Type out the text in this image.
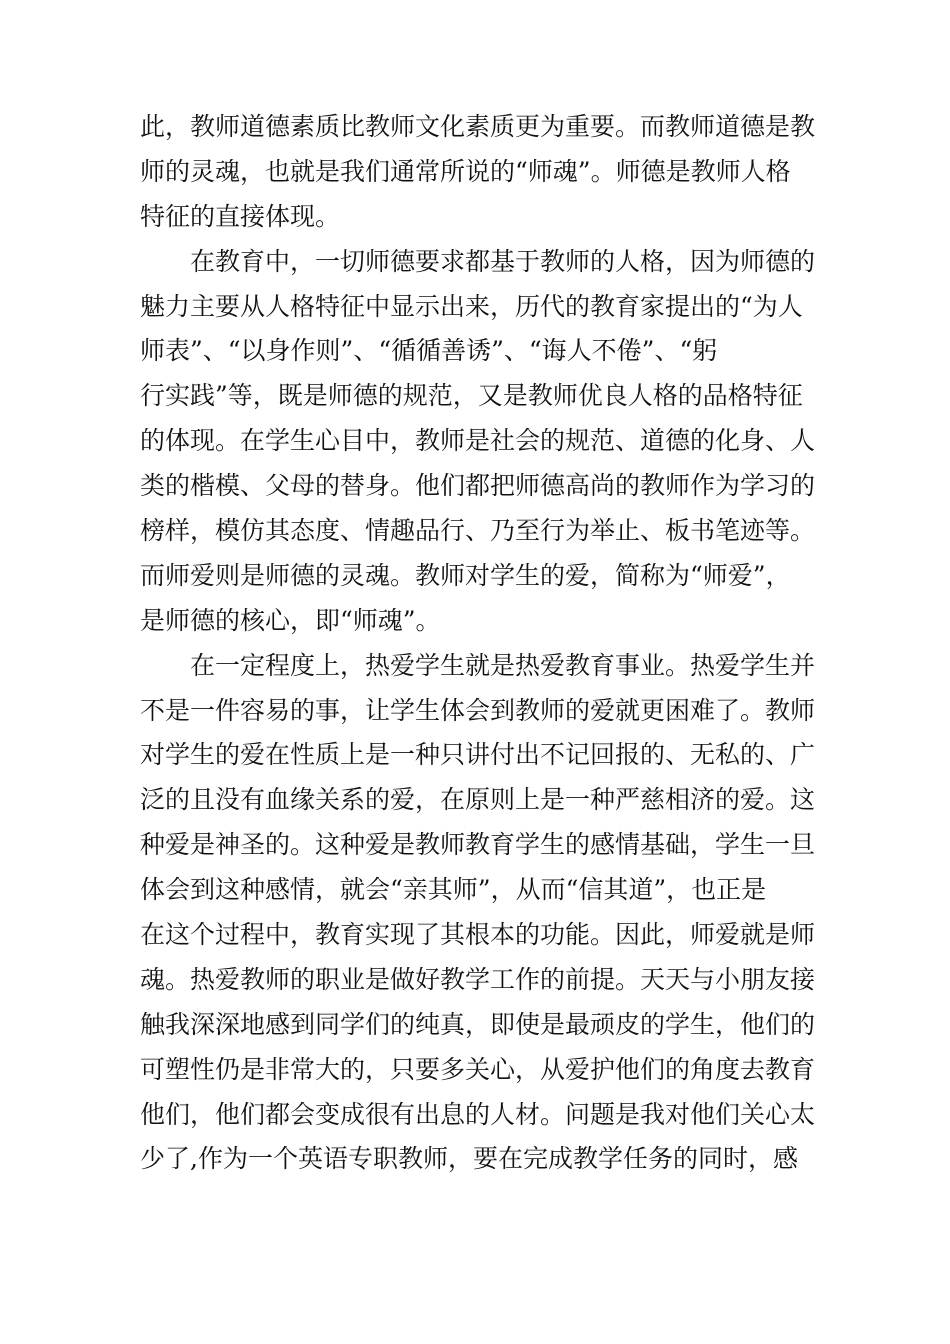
此，教师道德素质比教师文化素质更为重要。而教师道德是教
师的灵魂，也就是我们通常所说的“师魂”。师德是教师人格
特征的直接体现。
在教育中，一切师德要求都基于教师的人格，因为师德的
魅力主要从人格特征中显示出来，历代的教育家提出的“为人
师表”、“以身作则”、“循循善诱”、“诲人不倦”、“躬
行实践”等，既是师德的规范，又是教师优良人格的品格特征
的体现。在学生心目中，教师是社会的规范、道德的化身、人
类的楷模、父母的替身。他们都把师德高尚的教师作为学习的
榜样，模仿其态度、情趣品行、乃至行为举止、板书笔迹等。
而师爱则是师德的灵魂。教师对学生的爱，简称为“师爱”，
是师德的核心，即“师魂”。
在一定程度上，热爱学生就是热爱教育事业。热爱学生并
不是一件容易的事，让学生体会到教师的爱就更困难了。教师
对学生的爱在性质上是一种只讲付出不记回报的、无私的、广
泛的且没有血缘关系的爱，在原则上是一种严慈相济的爱。这
种爱是神圣的。这种爱是教师教育学生的感情基础，学生一旦
体会到这种感情，就会“亲其师”，从而“信其道”，也正是
在这个过程中，教育实现了其根本的功能。因此，师爱就是师
魂。热爱教师的职业是做好教学工作的前提。天天与小朋友接
触我深深地感到同学们的纯真，即使是最顽皮的学生，他们的
可塑性仍是非常大的，只要多关心，从爱护他们的角度去教育
他们，他们都会变成很有出息的人材。问题是我对他们关心太
少了,作为一个英语专职教师，要在完成教学任务的同时，感
